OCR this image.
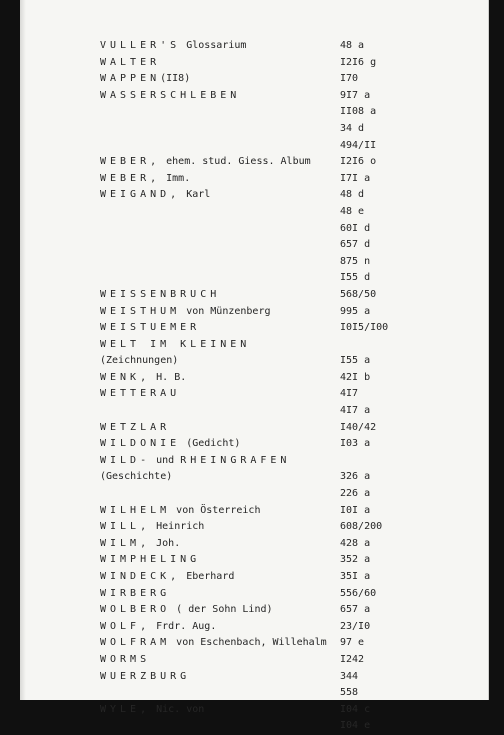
VULLER'S Glossarium	48 a
WALTER	I2I6 g
WAPPEN(II8)	I70
WASSERSCHLEBEN	9I7 a
II08 a
34 d
494/II
WEBER, ehem. stud. Giess. Album	I2I6 o
WEBER, Imm.	I7I a
WEIGAND, Karl	48 d
48 e
60I d
657 d
875 n
I55 d
WEISSENBRUCH	568/50
WEISTHUM von Münzenberg	995 a
WEISTUEMER	I0I5/I00
WELT IM KLEINEN
(Zeichnungen)	I55 a
WENK, H. B.	42I b
WETTERAU	4I7
4I7 a
WETZLAR	I40/42
WILDONIE (Gedicht)	I03 a
WILD- und RHEINGRAFEN
(Geschichte)	326 a
226 a
WILHELM von Österreich	I0I a
WILL, Heinrich	608/200
WILM, Joh.	428 a
WIMPHELING	352 a
WINDECK, Eberhard	35I a
WIRBERG	556/60
WOLBERO ( der Sohn Lind)	657 a
WOLF, Frdr. Aug.	23/I0
WOLFRAM von Eschenbach, Willehalm 97 e
WORMS	I242
WUERZBURG	344
558
WYLE, Nic. von	I04 c
I04 e
